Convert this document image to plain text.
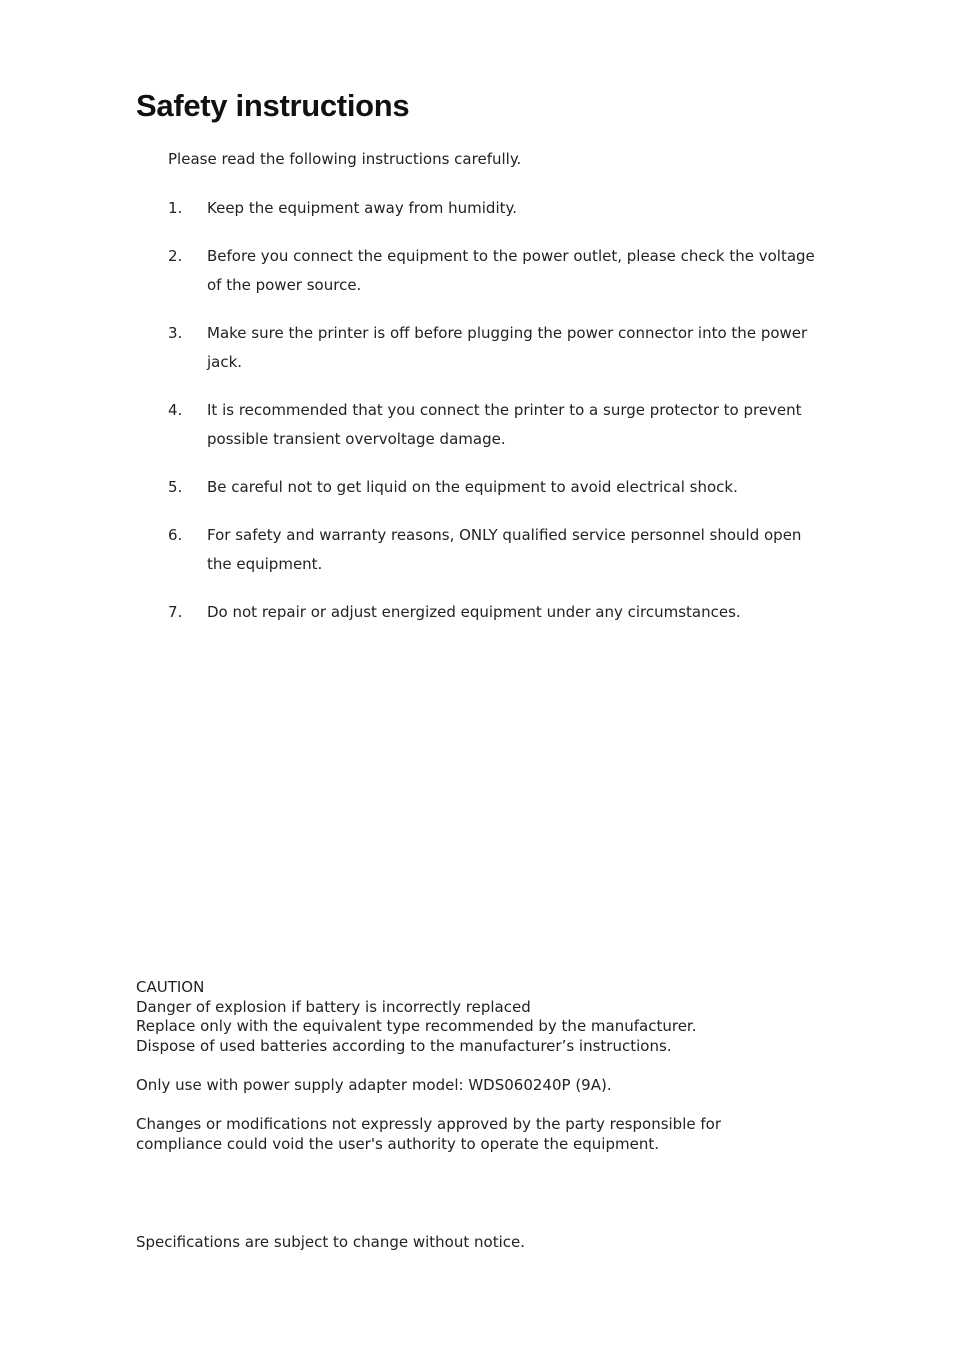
Safety instructions
Please read the following instructions carefully.
1.	Keep the equipment away from humidity.
2.	Before you connect the equipment to the power outlet, please check the voltage of the power source.
3.	Make sure the printer is off before plugging the power connector into the power jack.
4.	It is recommended that you connect the printer to a surge protector to prevent possible transient overvoltage damage.
5.	Be careful not to get liquid on the equipment to avoid electrical shock.
6.	For safety and warranty reasons, ONLY qualified service personnel should open the equipment.
7.	Do not repair or adjust energized equipment under any circumstances.
CAUTION
Danger of explosion if battery is incorrectly replaced
Replace only with the equivalent type recommended by the manufacturer.
Dispose of used batteries according to the manufacturer’s instructions.
Only use with power supply adapter model: WDS060240P (9A).
Changes or modifications not expressly approved by the party responsible for
compliance could void the user's authority to operate the equipment.
Specifications are subject to change without notice.
